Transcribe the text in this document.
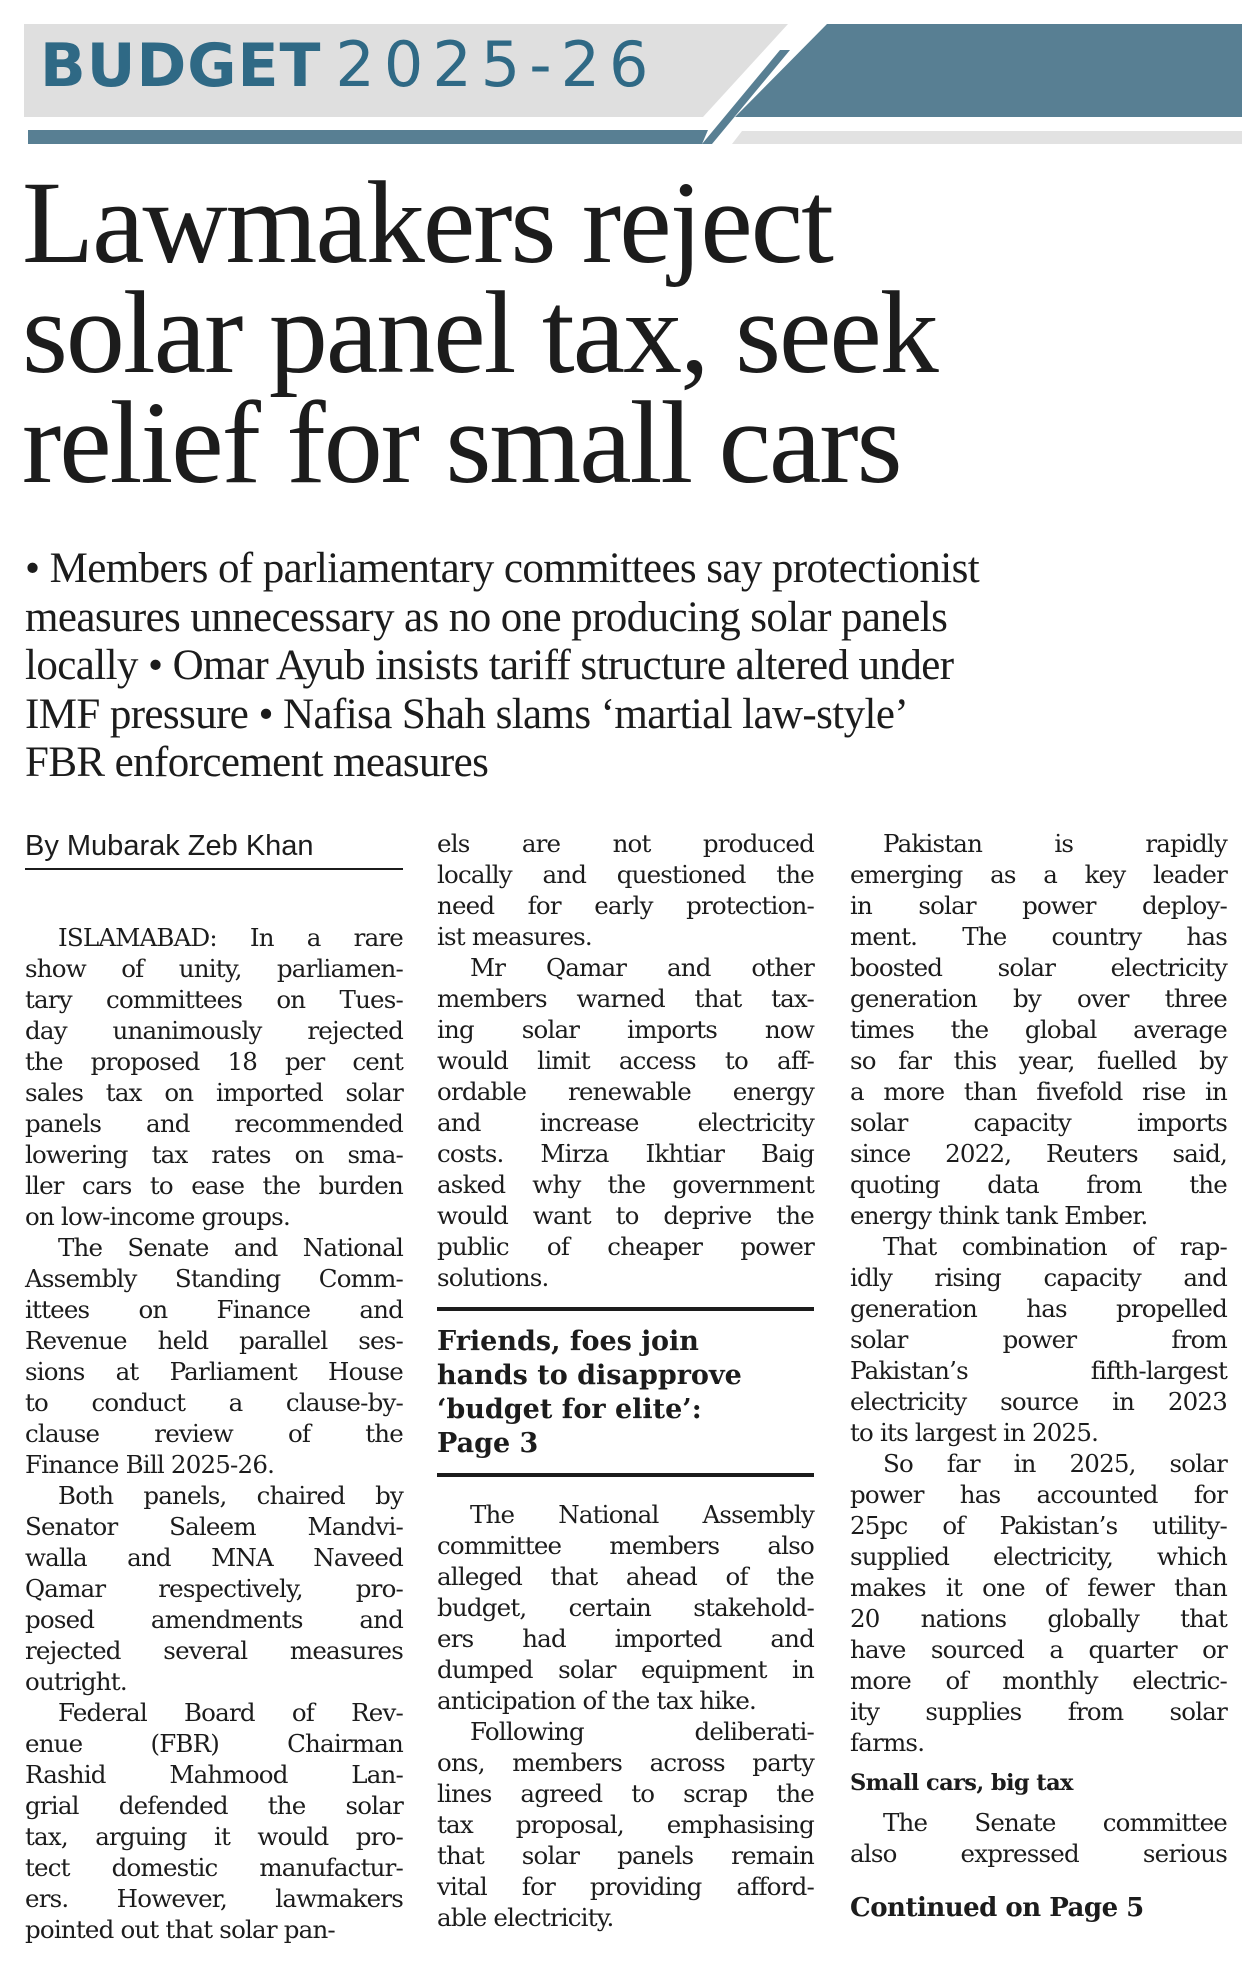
BUDGET 2025-26
Lawmakers reject
solar panel tax, seek
relief for small cars
• Members of parliamentary committees say protectionist
measures unnecessary as no one producing solar panels
locally • Omar Ayub insists tariff structure altered under
IMF pressure • Nafisa Shah slams ‘martial law-style’
FBR enforcement measures
By Mubarak Zeb Khan
ISLAMABAD: In a rare
show of unity, parliamen-
tary committees on Tues-
day unanimously rejected
the proposed 18 per cent
sales tax on imported solar
panels and recommended
lowering tax rates on sma-
ller cars to ease the burden
on low-income groups.
The Senate and National
Assembly Standing Comm-
ittees on Finance and
Revenue held parallel ses-
sions at Parliament House
to conduct a clause-by-
clause review of the
Finance Bill 2025-26.
Both panels, chaired by
Senator Saleem Mandvi-
walla and MNA Naveed
Qamar respectively, pro-
posed amendments and
rejected several measures
outright.
Federal Board of Rev-
enue (FBR) Chairman
Rashid Mahmood Lan-
grial defended the solar
tax, arguing it would pro-
tect domestic manufactur-
ers. However, lawmakers
pointed out that solar pan-
els are not produced
locally and questioned the
need for early protection-
ist measures.
Mr Qamar and other
members warned that tax-
ing solar imports now
would limit access to aff-
ordable renewable energy
and increase electricity
costs. Mirza Ikhtiar Baig
asked why the government
would want to deprive the
public of cheaper power
solutions.
Friends, foes join
hands to disapprove
‘budget for elite’:
Page 3
The National Assembly
committee members also
alleged that ahead of the
budget, certain stakehold-
ers had imported and
dumped solar equipment in
anticipation of the tax hike.
Following deliberati-
ons, members across party
lines agreed to scrap the
tax proposal, emphasising
that solar panels remain
vital for providing afford-
able electricity.
Pakistan is rapidly
emerging as a key leader
in solar power deploy-
ment. The country has
boosted solar electricity
generation by over three
times the global average
so far this year, fuelled by
a more than fivefold rise in
solar capacity imports
since 2022, Reuters said,
quoting data from the
energy think tank Ember.
That combination of rap-
idly rising capacity and
generation has propelled
solar power from
Pakistan’s fifth-largest
electricity source in 2023
to its largest in 2025.
So far in 2025, solar
power has accounted for
25pc of Pakistan’s utility-
supplied electricity, which
makes it one of fewer than
20 nations globally that
have sourced a quarter or
more of monthly electric-
ity supplies from solar
farms.
Small cars, big tax
The Senate committee
also expressed serious
Continued on Page 5
